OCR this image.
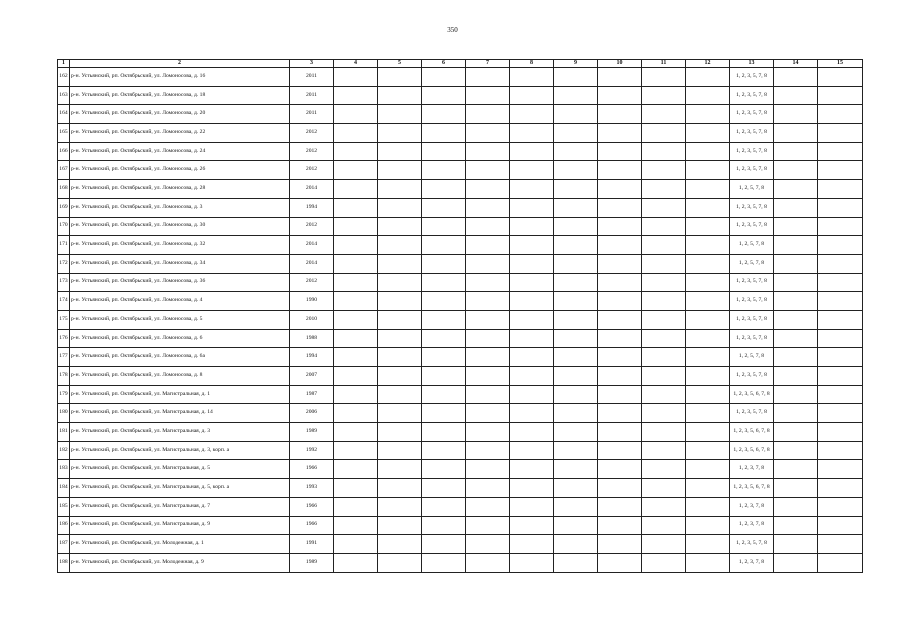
350
1	2	3	4	5	6	7	8	9	10	11	12	13	14	15
162	р-н. Устьянский, рп. Октябрьский, ул. Ломоносова, д. 16	2011										1, 2, 3, 5, 7, 8		
163	р-н. Устьянский, рп. Октябрьский, ул. Ломоносова, д. 18	2011										1, 2, 3, 5, 7, 8		
164	р-н. Устьянский, рп. Октябрьский, ул. Ломоносова, д. 20	2011										1, 2, 3, 5, 7, 8		
165	р-н. Устьянский, рп. Октябрьский, ул. Ломоносова, д. 22	2012										1, 2, 3, 5, 7, 8		
166	р-н. Устьянский, рп. Октябрьский, ул. Ломоносова, д. 24	2012										1, 2, 3, 5, 7, 8		
167	р-н. Устьянский, рп. Октябрьский, ул. Ломоносова, д. 26	2012										1, 2, 3, 5, 7, 8		
168	р-н. Устьянский, рп. Октябрьский, ул. Ломоносова, д. 28	2014										1, 2, 5, 7, 8		
169	р-н. Устьянский, рп. Октябрьский, ул. Ломоносова, д. 3	1994										1, 2, 3, 5, 7, 8		
170	р-н. Устьянский, рп. Октябрьский, ул. Ломоносова, д. 30	2012										1, 2, 3, 5, 7, 8		
171	р-н. Устьянский, рп. Октябрьский, ул. Ломоносова, д. 32	2014										1, 2, 5, 7, 8		
172	р-н. Устьянский, рп. Октябрьский, ул. Ломоносова, д. 34	2014										1, 2, 5, 7, 8		
173	р-н. Устьянский, рп. Октябрьский, ул. Ломоносова, д. 36	2012										1, 2, 3, 5, 7, 8		
174	р-н. Устьянский, рп. Октябрьский, ул. Ломоносова, д. 4	1990										1, 2, 3, 5, 7, 8		
175	р-н. Устьянский, рп. Октябрьский, ул. Ломоносова, д. 5	2010										1, 2, 3, 5, 7, 8		
176	р-н. Устьянский, рп. Октябрьский, ул. Ломоносова, д. 6	1988										1, 2, 3, 5, 7, 8		
177	р-н. Устьянский, рп. Октябрьский, ул. Ломоносова, д. 6а	1994										1, 2, 5, 7, 8		
178	р-н. Устьянский, рп. Октябрьский, ул. Ломоносова, д. 8	2007										1, 2, 3, 5, 7, 8		
179	р-н. Устьянский, рп. Октябрьский, ул. Магистральная, д. 1	1987										1, 2, 3, 5, 6, 7, 8		
180	р-н. Устьянский, рп. Октябрьский, ул. Магистральная, д. 14	2006										1, 2, 3, 5, 7, 8		
181	р-н. Устьянский, рп. Октябрьский, ул. Магистральная, д. 3	1989										1, 2, 3, 5, 6, 7, 8		
182	р-н. Устьянский, рп. Октябрьский, ул. Магистральная, д. 3, корп. а	1992										1, 2, 3, 5, 6, 7, 8		
183	р-н. Устьянский, рп. Октябрьский, ул. Магистральная, д. 5	1966										1, 2, 3, 7, 8		
184	р-н. Устьянский, рп. Октябрьский, ул. Магистральная, д. 5, корп. а	1993										1, 2, 3, 5, 6, 7, 8		
185	р-н. Устьянский, рп. Октябрьский, ул. Магистральная, д. 7	1966										1, 2, 3, 7, 8		
186	р-н. Устьянский, рп. Октябрьский, ул. Магистральная, д. 9	1966										1, 2, 3, 7, 8		
187	р-н. Устьянский, рп. Октябрьский, ул. Молодежная, д. 1	1991										1, 2, 3, 5, 7, 8		
188	р-н. Устьянский, рп. Октябрьский, ул. Молодежная, д. 9	1989										1, 2, 3, 7, 8		
